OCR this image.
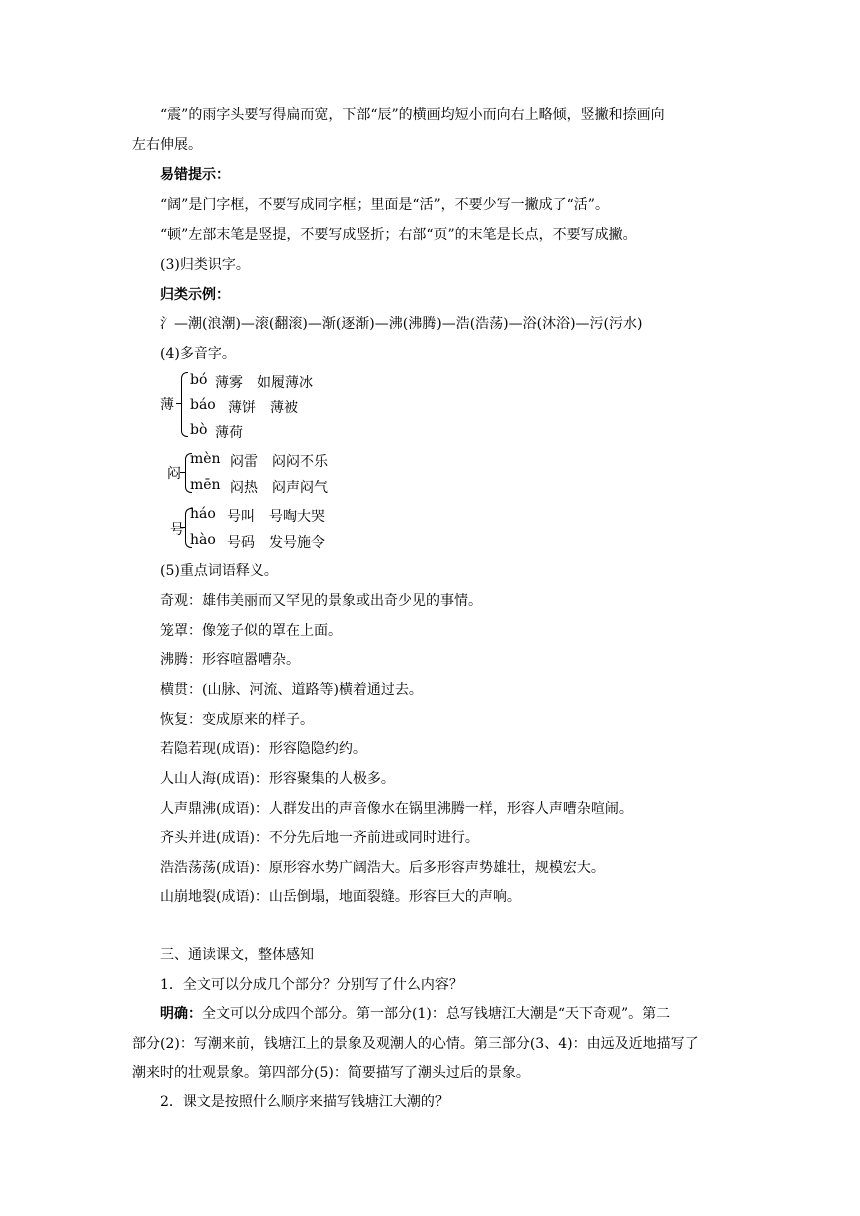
“震”的雨字头要写得扁而宽，下部“辰”的横画均短小而向右上略倾，竖撇和捺画向
左右伸展。
易错提示：
“阔”是门字框，不要写成同字框；里面是“活”，不要少写一撇成了“活”。
“顿”左部末笔是竖提，不要写成竖折；右部“页”的末笔是长点，不要写成撇。
(3)归类识字。
归类示例：
氵—潮(浪潮)—滚(翻滚)—渐(逐渐)—沸(沸腾)—浩(浩荡)—浴(沐浴)—污(污水)
(4)多音字。
薄
bó 薄雾　如履薄冰
báo 薄饼　薄被
bò 薄荷
闷
mèn 闷雷　闷闷不乐
mēn 闷热　闷声闷气
号
háo 号叫　号啕大哭
hào 号码　发号施令
(5)重点词语释义。
奇观：雄伟美丽而又罕见的景象或出奇少见的事情。
笼罩：像笼子似的罩在上面。
沸腾：形容喧嚣嘈杂。
横贯：(山脉、河流、道路等)横着通过去。
恢复：变成原来的样子。
若隐若现(成语)：形容隐隐约约。
人山人海(成语)：形容聚集的人极多。
人声鼎沸(成语)：人群发出的声音像水在锅里沸腾一样，形容人声嘈杂喧闹。
齐头并进(成语)：不分先后地一齐前进或同时进行。
浩浩荡荡(成语)：原形容水势广阔浩大。后多形容声势雄壮，规模宏大。
山崩地裂(成语)：山岳倒塌，地面裂缝。形容巨大的声响。
三、通读课文，整体感知
1．全文可以分成几个部分？分别写了什么内容？
明确：全文可以分成四个部分。第一部分(1)：总写钱塘江大潮是“天下奇观”。第二
部分(2)：写潮来前，钱塘江上的景象及观潮人的心情。第三部分(3、4)：由远及近地描写了
潮来时的壮观景象。第四部分(5)：简要描写了潮头过后的景象。
2．课文是按照什么顺序来描写钱塘江大潮的？
